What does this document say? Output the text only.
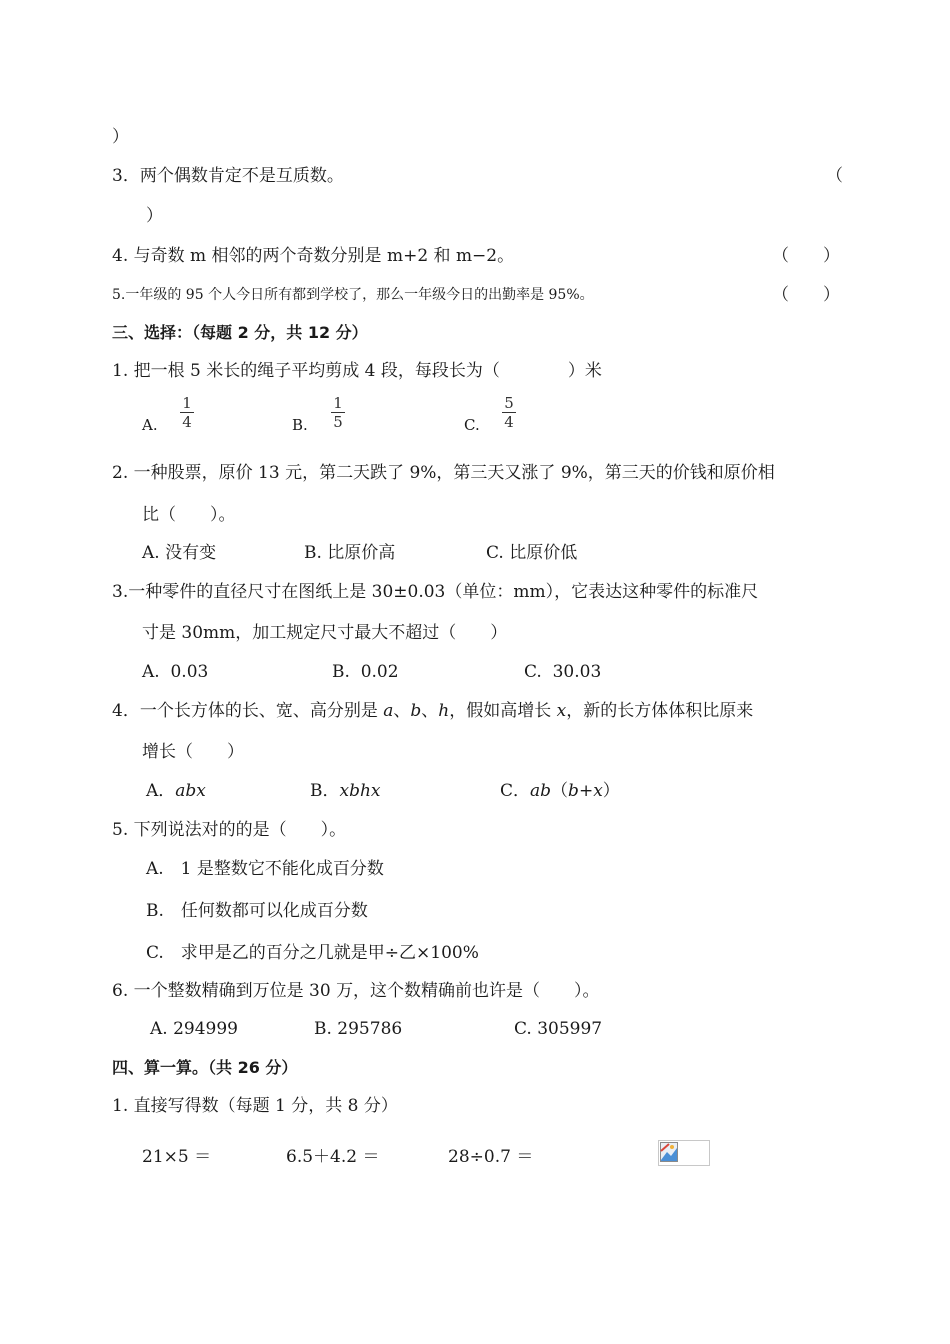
）
3．两个偶数肯定不是互质数。	（
）
4. 与奇数 m 相邻的两个奇数分别是 m+2 和 m−2。	（　　）
5.一年级的 95 个人今日所有都到学校了，那么一年级今日的出勤率是 95%。	（　　）
三、选择：（每题 2 分，共 12 分）
1. 把一根 5 米长的绳子平均剪成 4 段，每段长为（　　　　）米
A.
1
4	B.
1
5	C.
5
4
2. 一种股票，原价 13 元，第二天跌了 9%，第三天又涨了 9%，第三天的价钱和原价相
比（　　）。
A. 没有变	B. 比原价高	C. 比原价低
3.一种零件的直径尺寸在图纸上是 30±0.03（单位：mm），它表达这种零件的标准尺
寸是 30mm，加工规定尺寸最大不超过（　　）
A.  0.03	B.  0.02	C.  30.03
4．一个长方体的长、宽、高分别是 a、b、h，假如高增长 x，新的长方体体积比原来
增长（　　）
A．abx	B．xbhx	C．ab（b+x）
5. 下列说法对的的是（　　）。
A.　1 是整数它不能化成百分数
B.　任何数都可以化成百分数
C.　求甲是乙的百分之几就是甲÷乙×100%
6. 一个整数精确到万位是 30 万，这个数精确前也许是（　　）。
A. 294999	B. 295786	C. 305997
四、算一算。（共 26 分）
1. 直接写得数（每题 1 分，共 8 分）
21×5 ＝	6.5＋4.2 ＝	28÷0.7 ＝
